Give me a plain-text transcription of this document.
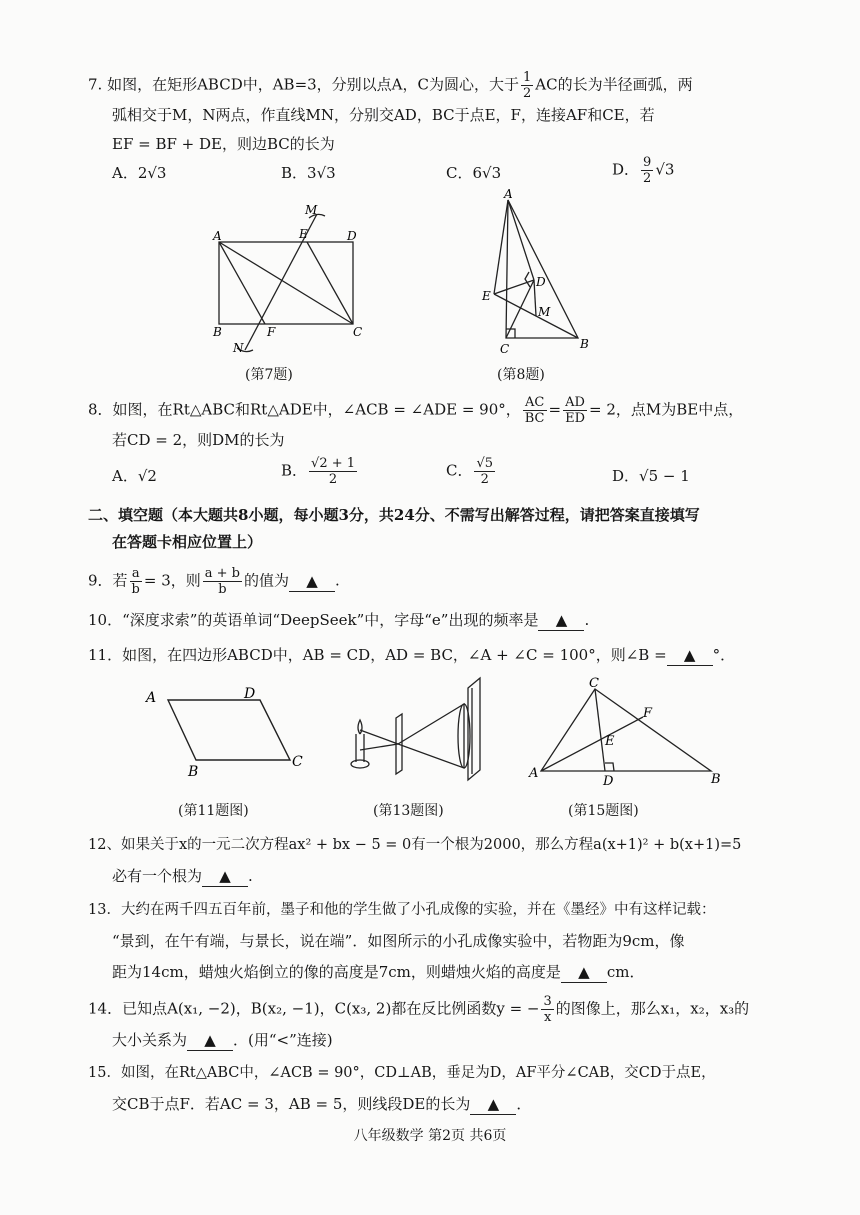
7. 如图，在矩形ABCD中，AB=3，分别以点A，C为圆心，大于 $\frac{1}{2}$ AC的长为半径画弧，两
弧相交于M，N两点，作直线MN，分别交AD，BC于点E，F，连接AF和CE，若
EF = BF + DE，则边BC的长为
A．2√3	B．3√3	C．6√3	D． $\frac{9}{2} √3$
A	E	D
B	F	C
M
N
(第7题)
A
E
D
M
C	B
(第8题)
8．如图，在Rt△ABC和Rt△ADE中，∠ACB = ∠ADE = 90°， $\frac{AC}{BC} = \frac{AD}{ED} = 2$，点M为BE中点，
若CD = 2，则DM的长为
A．√2	B． $\frac{√2 + 1}{2}$	C． $\frac{√5}{2}$	D．√5 − 1
二、填空题（本大题共8小题，每小题3分，共24分、不需写出解答过程，请把答案直接填写
在答题卡相应位置上）
9．若 $\frac{a}{b} = 3$，则 $\frac{a + b}{b}$ 的值为 ▲ .
10．“深度求索”的英语单词“DeepSeek”中，字母“e”出现的频率是 ▲ .
11．如图，在四边形ABCD中，AB = CD，AD = BC，∠A + ∠C = 100°，则∠B = ▲ °．
A	D
B
C
(第11题图)	(第13题图)
C
F
E
A
D	B
(第15题图)
12、如果关于x的一元二次方程ax² + bx − 5 = 0有一个根为2000，那么方程a(x+1)² + b(x+1)=5
必有一个根为 ▲ .
13．大约在两千四五百年前，墨子和他的学生做了小孔成像的实验，并在《墨经》中有这样记载：
“景到，在午有端，与景长，说在端”．如图所示的小孔成像实验中，若物距为9cm，像
距为14cm，蜡烛火焰倒立的像的高度是7cm，则蜡烛火焰的高度是 ▲ cm．
14．已知点A(x₁, −2)，B(x₂, −1)，C(x₃, 2)都在反比例函数y = − $\frac{3}{x}$ 的图像上，那么x₁，x₂，x₃的
大小关系为 ▲ ．(用“<”连接)
15．如图，在Rt△ABC中，∠ACB = 90°，CD⊥AB，垂足为D，AF平分∠CAB，交CD于点E，
交CB于点F．若AC = 3，AB = 5，则线段DE的长为 ▲ ．
八年级数学 第2页 共6页
